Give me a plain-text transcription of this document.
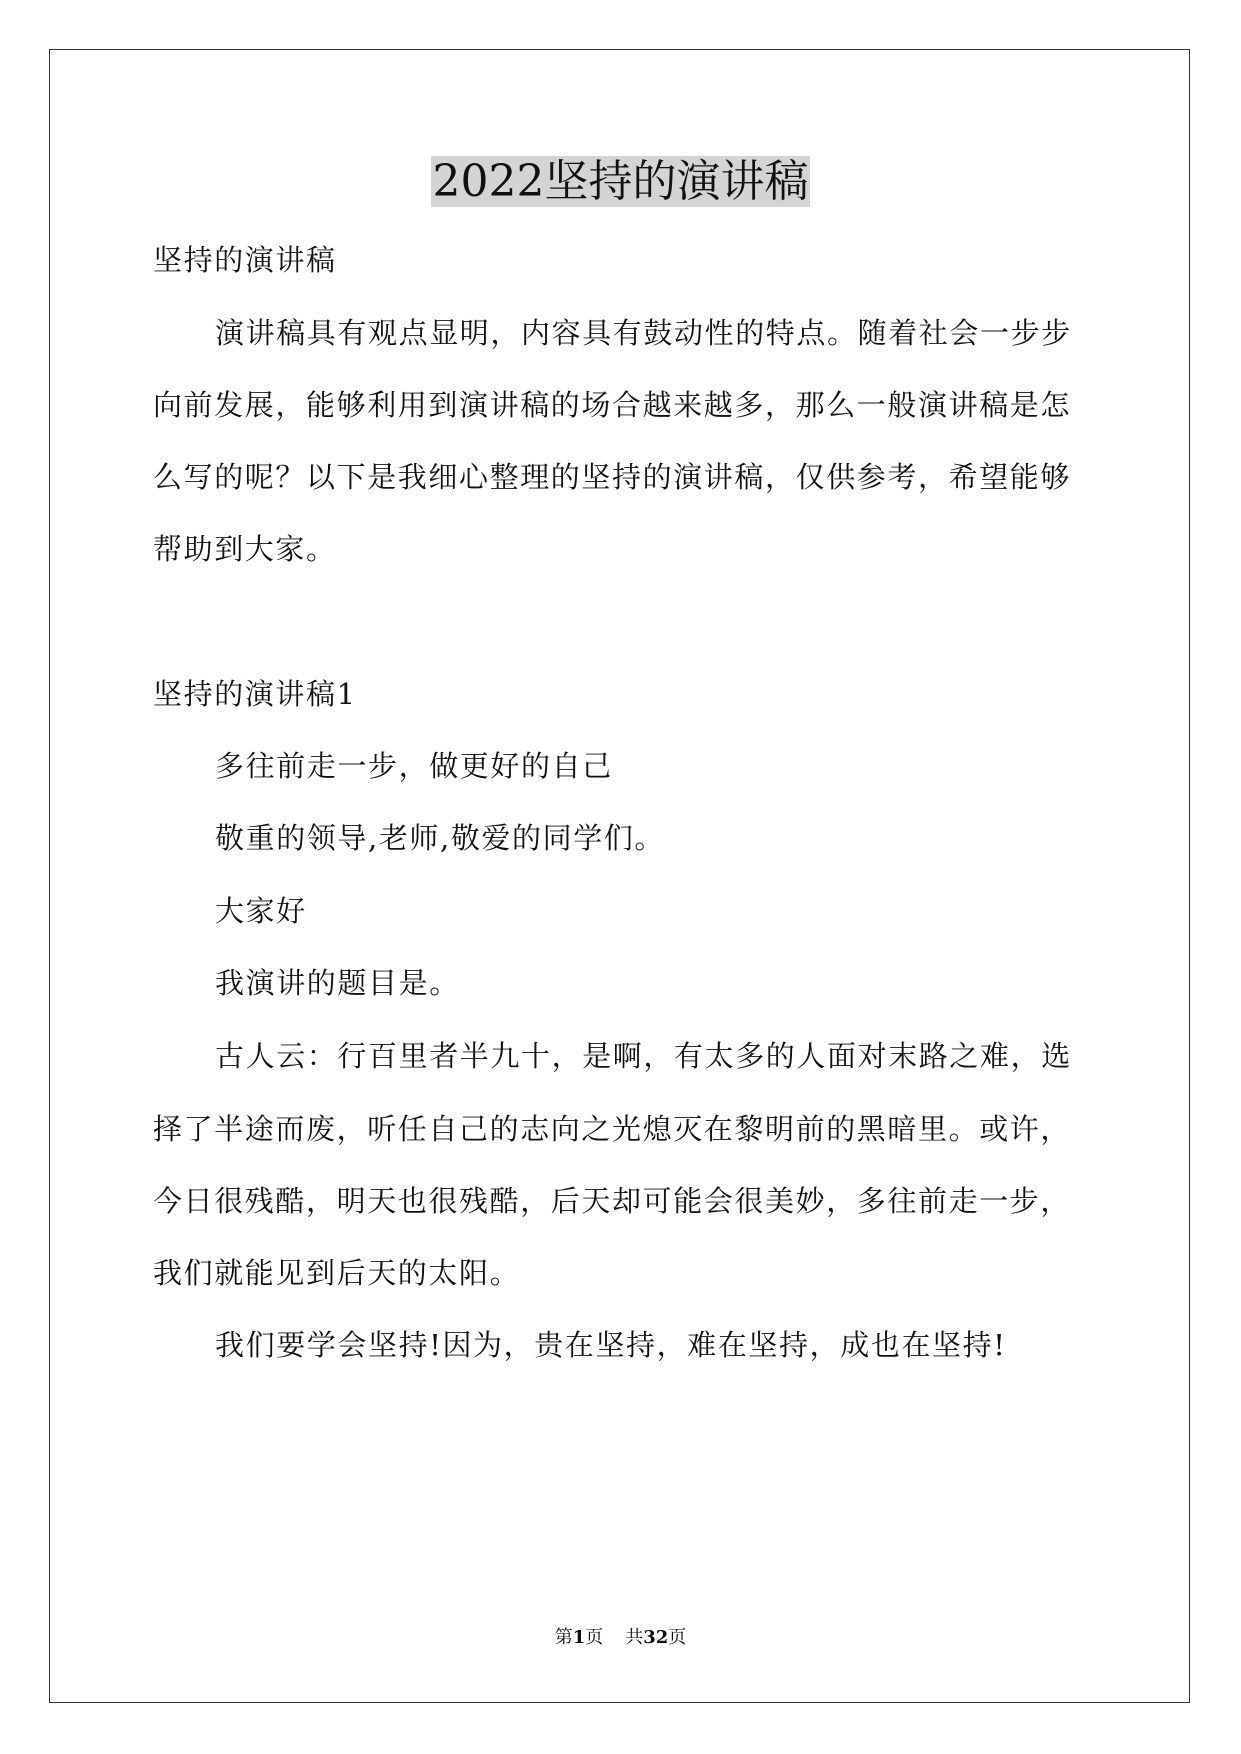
2022坚持的演讲稿
坚持的演讲稿
演讲稿具有观点显明，内容具有鼓动性的特点。随着社会一步步
向前发展，能够利用到演讲稿的场合越来越多，那么一般演讲稿是怎
么写的呢？以下是我细心整理的坚持的演讲稿，仅供参考，希望能够
帮助到大家。
坚持的演讲稿1
多往前走一步，做更好的自己
敬重的领导,老师,敬爱的同学们。
大家好
我演讲的题目是。
古人云：行百里者半九十，是啊，有太多的人面对末路之难，选
择了半途而废，听任自己的志向之光熄灭在黎明前的黑暗里。或许，
今日很残酷，明天也很残酷，后天却可能会很美妙，多往前走一步，
我们就能见到后天的太阳。
我们要学会坚持!因为，贵在坚持，难在坚持，成也在坚持!
第1页 共32页
